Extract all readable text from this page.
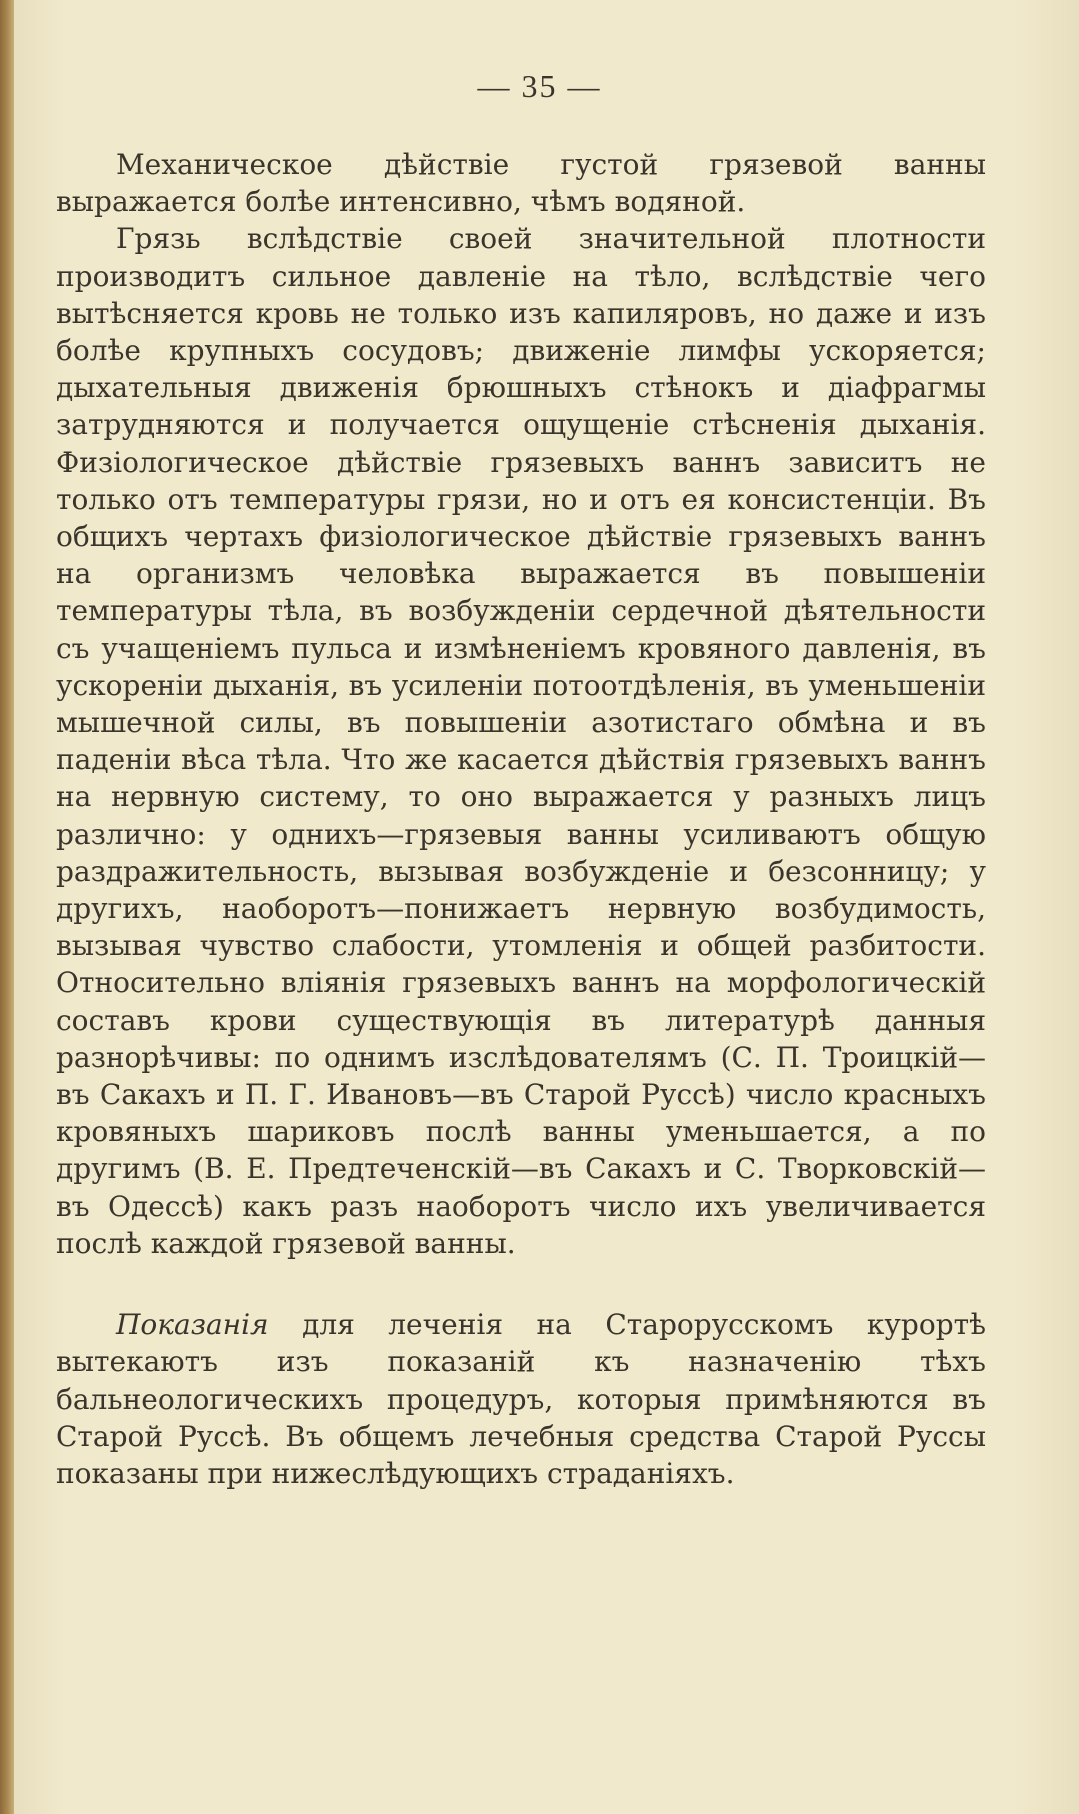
— 35 —

Механическое дѣйствіе густой грязевой ванны выражается болѣе интенсивно, чѣмъ водяной.

Грязь вслѣдствіе своей значительной плотности производитъ сильное давленіе на тѣло, вслѣдствіе чего вытѣсняется кровь не только изъ капиляровъ, но даже и изъ болѣе крупныхъ сосудовъ; движеніе лимфы ускоряется; дыхательныя движенія брюшныхъ стѣнокъ и діафрагмы затрудняются и получается ощущеніе стѣсненія дыханія. Физіологическое дѣйствіе грязевыхъ ваннъ зависитъ не только отъ температуры грязи, но и отъ ея консистенціи. Въ общихъ чертахъ физіологическое дѣйствіе грязевыхъ ваннъ на организмъ человѣка выражается въ повышеніи температуры тѣла, въ возбужденіи сердечной дѣятельности съ учащеніемъ пульса и измѣненіемъ кровяного давленія, въ ускореніи дыханія, въ усиленіи потоотдѣленія, въ уменьшеніи мышечной силы, въ повышеніи азотистаго обмѣна и въ паденіи вѣса тѣла. Что же касается дѣйствія грязевыхъ ваннъ на нервную систему, то оно выражается у разныхъ лицъ различно: у однихъ—грязевыя ванны усиливаютъ общую раздражительность, вызывая возбужденіе и безсонницу; у другихъ, наоборотъ—понижаетъ нервную возбудимость, вызывая чувство слабости, утомленія и общей разбитости. Относительно вліянія грязевыхъ ваннъ на морфологическій составъ крови существующія въ литературѣ данныя разнорѣчивы: по однимъ изслѣдователямъ (С. П. Троицкій—въ Сакахъ и П. Г. Ивановъ—въ Старой Руссѣ) число красныхъ кровяныхъ шариковъ послѣ ванны уменьшается, а по другимъ (В. Е. Предтеченскій—въ Сакахъ и С. Творковскій—въ Одессѣ) какъ разъ наоборотъ число ихъ увеличивается послѣ каждой грязевой ванны.

Показанія для леченія на Старорусскомъ курортѣ вытекаютъ изъ показаній къ назначенію тѣхъ бальнеологическихъ процедуръ, которыя примѣняются въ Старой Руссѣ. Въ общемъ лечебныя средства Старой Руссы показаны при нижеслѣдующихъ страданіяхъ.
